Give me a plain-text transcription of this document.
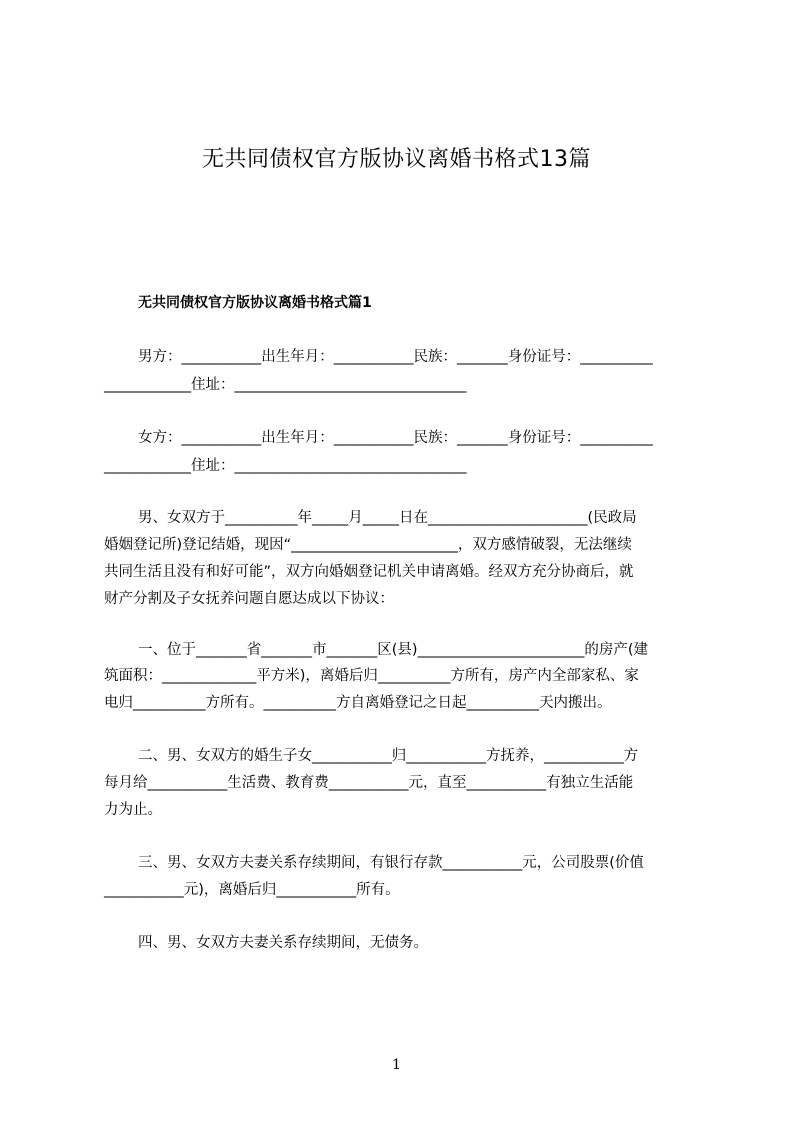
无共同债权官方版协议离婚书格式13篇
无共同债权官方版协议离婚书格式篇1
男方：___________出生年月：___________民族：_______身份证号：__________
____________住址：________________________________
女方：___________出生年月：___________民族：_______身份证号：__________
____________住址：________________________________
男、女双方于__________年_____月_____日在______________________(民政局
婚姻登记所)登记结婚，现因“_______________________，双方感情破裂，无法继续
共同生活且没有和好可能”，双方向婚姻登记机关申请离婚。经双方充分协商后，就
财产分割及子女抚养问题自愿达成以下协议：
一、位于_______省_______市_______区(县)_______________________的房产(建
筑面积：_____________平方米)，离婚后归__________方所有，房产内全部家私、家
电归__________方所有。__________方自离婚登记之日起__________天内搬出。
二、男、女双方的婚生子女___________归___________方抚养，___________方
每月给___________生活费、教育费___________元，直至___________有独立生活能
力为止。
三、男、女双方夫妻关系存续期间，有银行存款___________元，公司股票(价值
___________元)，离婚后归___________所有。
四、男、女双方夫妻关系存续期间，无债务。
1
